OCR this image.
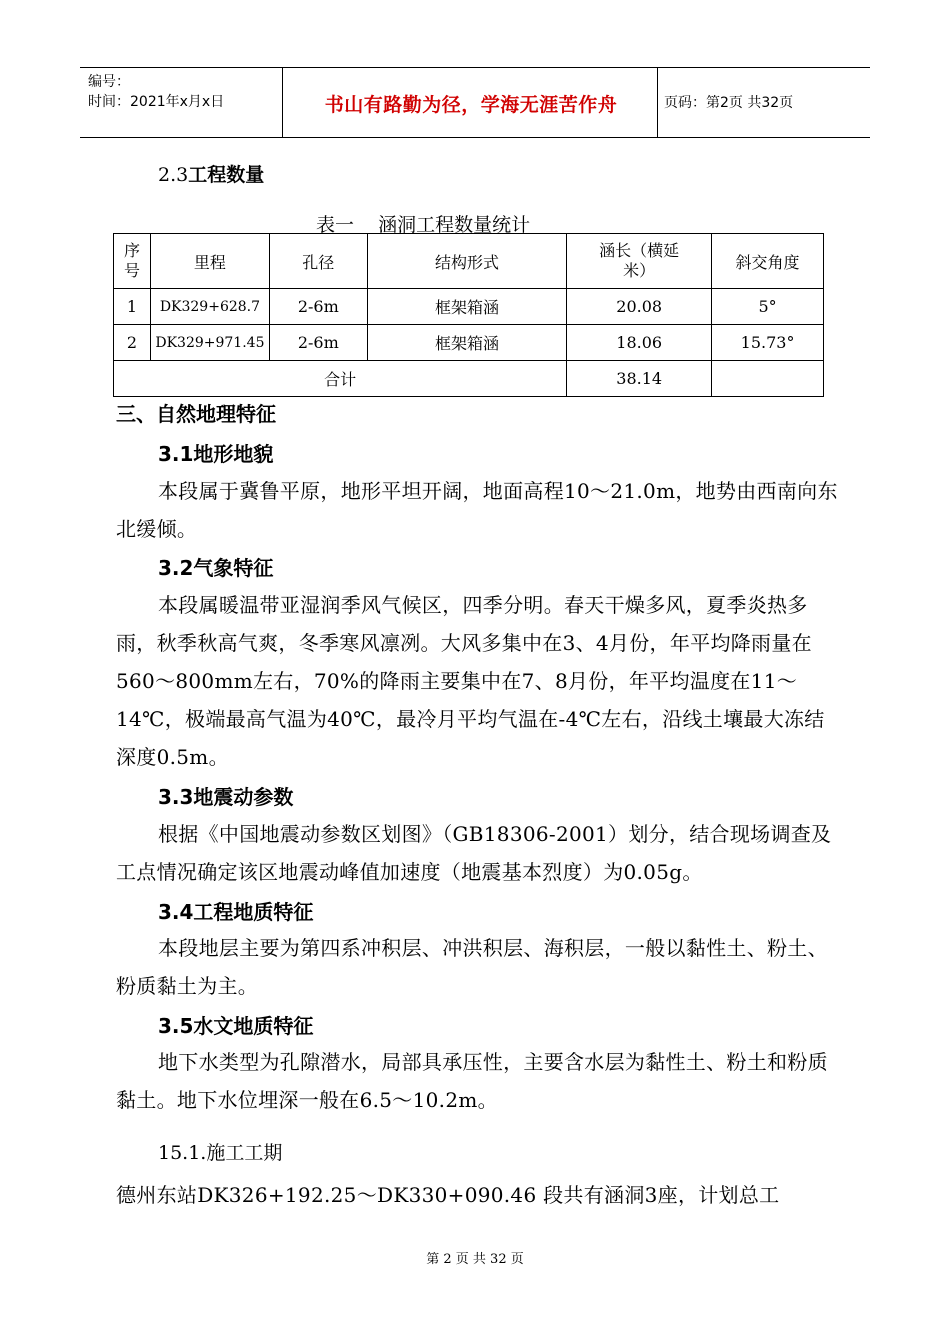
编号：
时间：2021年x月x日	书山有路勤为径，学海无涯苦作舟	页码：第2页 共32页
2.3工程数量
表一    涵洞工程数量统计
序号	里程	孔径	结构形式	涵长（横延米）	斜交角度
1	DK329+628.7	2-6m	框架箱涵	20.08	5°
2	DK329+971.45	2-6m	框架箱涵	18.06	15.73°
合计				38.14	
三、自然地理特征
3.1地形地貌

本段属于冀鲁平原，地形平坦开阔，地面高程10～21.0m，地势由西南向东北缓倾。

3.2气象特征

本段属暖温带亚湿润季风气候区，四季分明。春天干燥多风，夏季炎热多雨，秋季秋高气爽，冬季寒风凛冽。大风多集中在3、4月份，年平均降雨量在560～800mm左右，70%的降雨主要集中在7、8月份，年平均温度在11～14℃，极端最高气温为40℃，最冷月平均气温在-4℃左右，沿线土壤最大冻结深度0.5m。

3.3地震动参数

根据《中国地震动参数区划图》（GB18306-2001）划分，结合现场调查及工点情况确定该区地震动峰值加速度（地震基本烈度）为0.05g。

3.4工程地质特征

本段地层主要为第四系冲积层、冲洪积层、海积层，一般以黏性土、粉土、粉质黏土为主。

3.5水文地质特征

地下水类型为孔隙潜水，局部具承压性，主要含水层为黏性土、粉土和粉质黏土。地下水位埋深一般在6.5～10.2m。

15.1.施工工期

德州东站DK326+192.25～DK330+090.46 段共有涵洞3座，计划总工

第 2 页 共 32 页
